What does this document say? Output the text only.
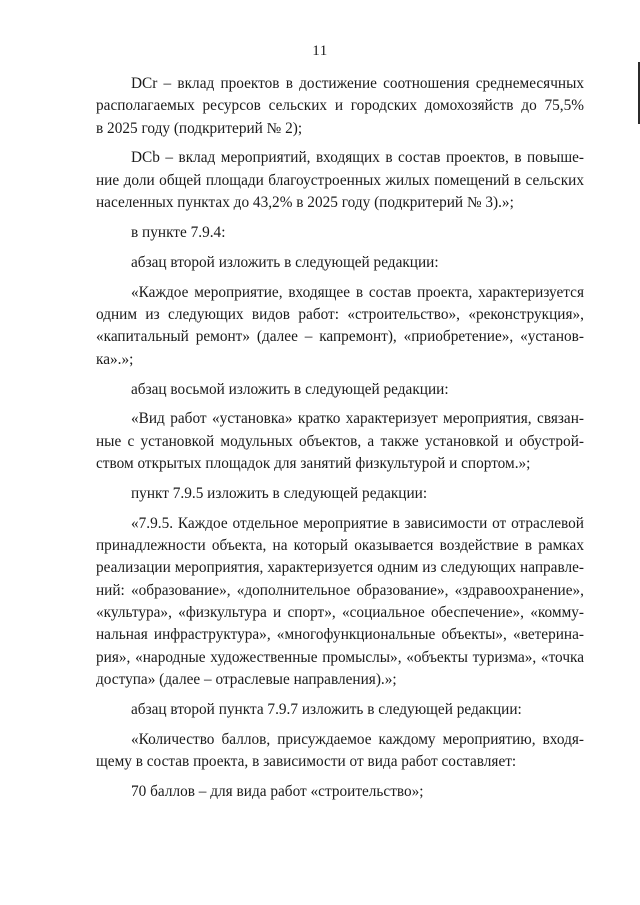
11
DCr – вклад проектов в достижение соотношения среднемесячных
располагаемых ресурсов сельских и городских домохозяйств до 75,5%
в 2025 году (подкритерий № 2);
DCb – вклад мероприятий, входящих в состав проектов, в повыше-
ние доли общей площади благоустроенных жилых помещений в сельских
населенных пунктах до 43,2% в 2025 году (подкритерий № 3).»;
в пункте 7.9.4:
абзац второй изложить в следующей редакции:
«Каждое мероприятие, входящее в состав проекта, характеризуется
одним из следующих видов работ: «строительство», «реконструкция»,
«капитальный ремонт» (далее – капремонт), «приобретение», «установ-
ка».»;
абзац восьмой изложить в следующей редакции:
«Вид работ «установка» кратко характеризует мероприятия, связан-
ные с установкой модульных объектов, а также установкой и обустрой-
ством открытых площадок для занятий физкультурой и спортом.»;
пункт 7.9.5 изложить в следующей редакции:
«7.9.5. Каждое отдельное мероприятие в зависимости от отраслевой
принадлежности объекта, на который оказывается воздействие в рамках
реализации мероприятия, характеризуется одним из следующих направле-
ний: «образование», «дополнительное образование», «здравоохранение»,
«культура», «физкультура и спорт», «социальное обеспечение», «комму-
нальная инфраструктура», «многофункциональные объекты», «ветерина-
рия», «народные художественные промыслы», «объекты туризма», «точка
доступа» (далее – отраслевые направления).»;
абзац второй пункта 7.9.7 изложить в следующей редакции:
«Количество баллов, присуждаемое каждому мероприятию, входя-
щему в состав проекта, в зависимости от вида работ составляет:
70 баллов – для вида работ «строительство»;
